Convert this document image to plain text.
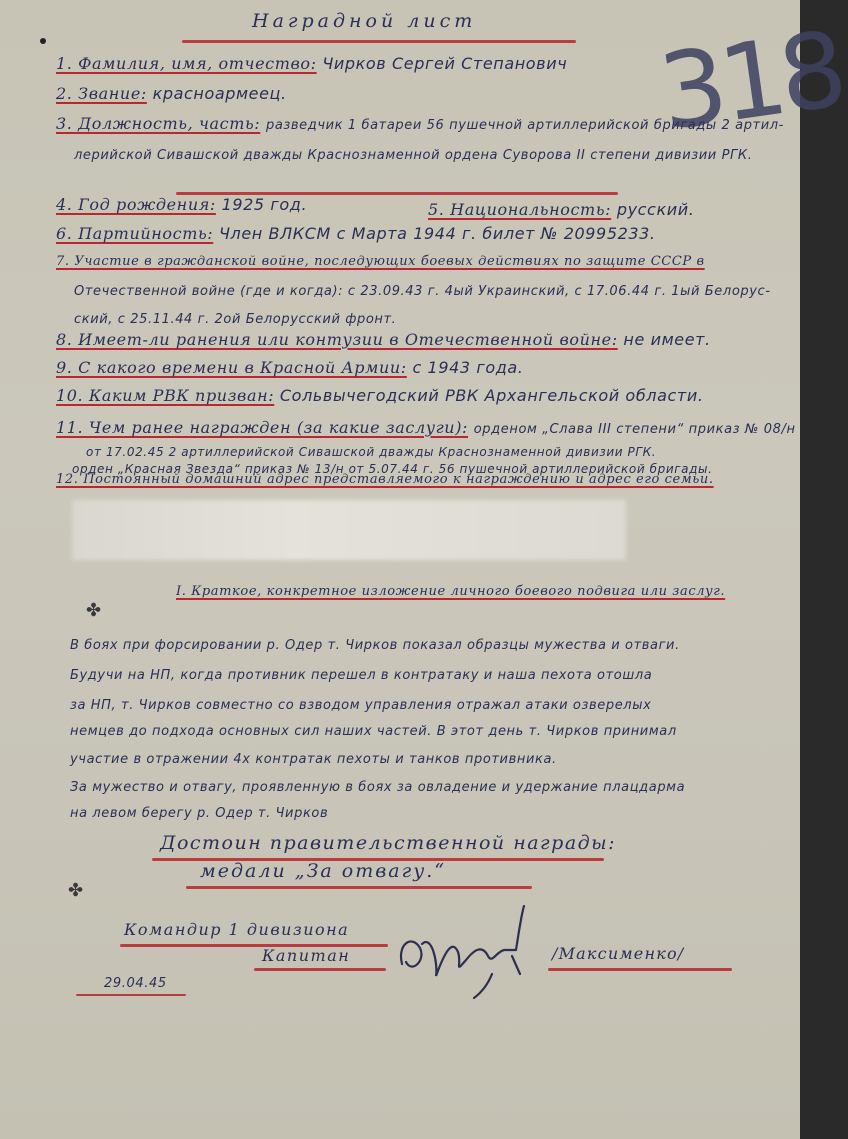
✤
✤
318
Наградной лист
1. Фамилия, имя, отчество: Чирков Сергей Степанович
2. Звание: красноармеец.
3. Должность, часть: разведчик 1 батареи 56 пушечной артиллерийской бригады 2 артил-
лерийской Сивашской дважды Краснознаменной ордена Суворова II степени дивизии РГК.
4. Год рождения: 1925 год.	5. Национальность: русский.
6. Партийность: Член ВЛКСМ с Марта 1944 г. билет № 20995233.
7. Участие в гражданской войне, последующих боевых действиях по защите СССР в
Отечественной войне (где и когда): с 23.09.43 г. 4ый Украинский, с 17.06.44 г. 1ый Белорус-
ский, с 25.11.44 г. 2ой Белорусский фронт.
8. Имеет-ли ранения или контузии в Отечественной войне: не имеет.
9. С какого времени в Красной Армии: с 1943 года.
10. Каким РВК призван: Сольвычегодский РВК Архангельской области.
11. Чем ранее награжден (за какие заслуги): орденом „Слава III степени“ приказ № 08/н
от 17.02.45 2 артиллерийской Сивашской дважды Краснознаменной дивизии РГК.
орден „Красная Звезда“ приказ № 13/н от 5.07.44 г. 56 пушечной артиллерийской бригады.
12. Постоянный домашний адрес представляемого к награждению и адрес его семьи.
I. Краткое, конкретное изложение личного боевого подвига или заслуг.
В боях при форсировании р. Одер т. Чирков показал образцы мужества и отваги.
Будучи на НП, когда противник перешел в контратаку и наша пехота отошла
за НП, т. Чирков совместно со взводом управления отражал атаки озверелых
немцев до подхода основных сил наших частей. В этот день т. Чирков принимал
участие в отражении 4х контратак пехоты и танков противника.
За мужество и отвагу, проявленную в боях за овладение и удержание плацдарма
на левом берегу р. Одер т. Чирков
Достоин правительственной награды:
медали „За отвагу.“
Командир 1 дивизиона
Капитан	/Максименко/
29.04.45
